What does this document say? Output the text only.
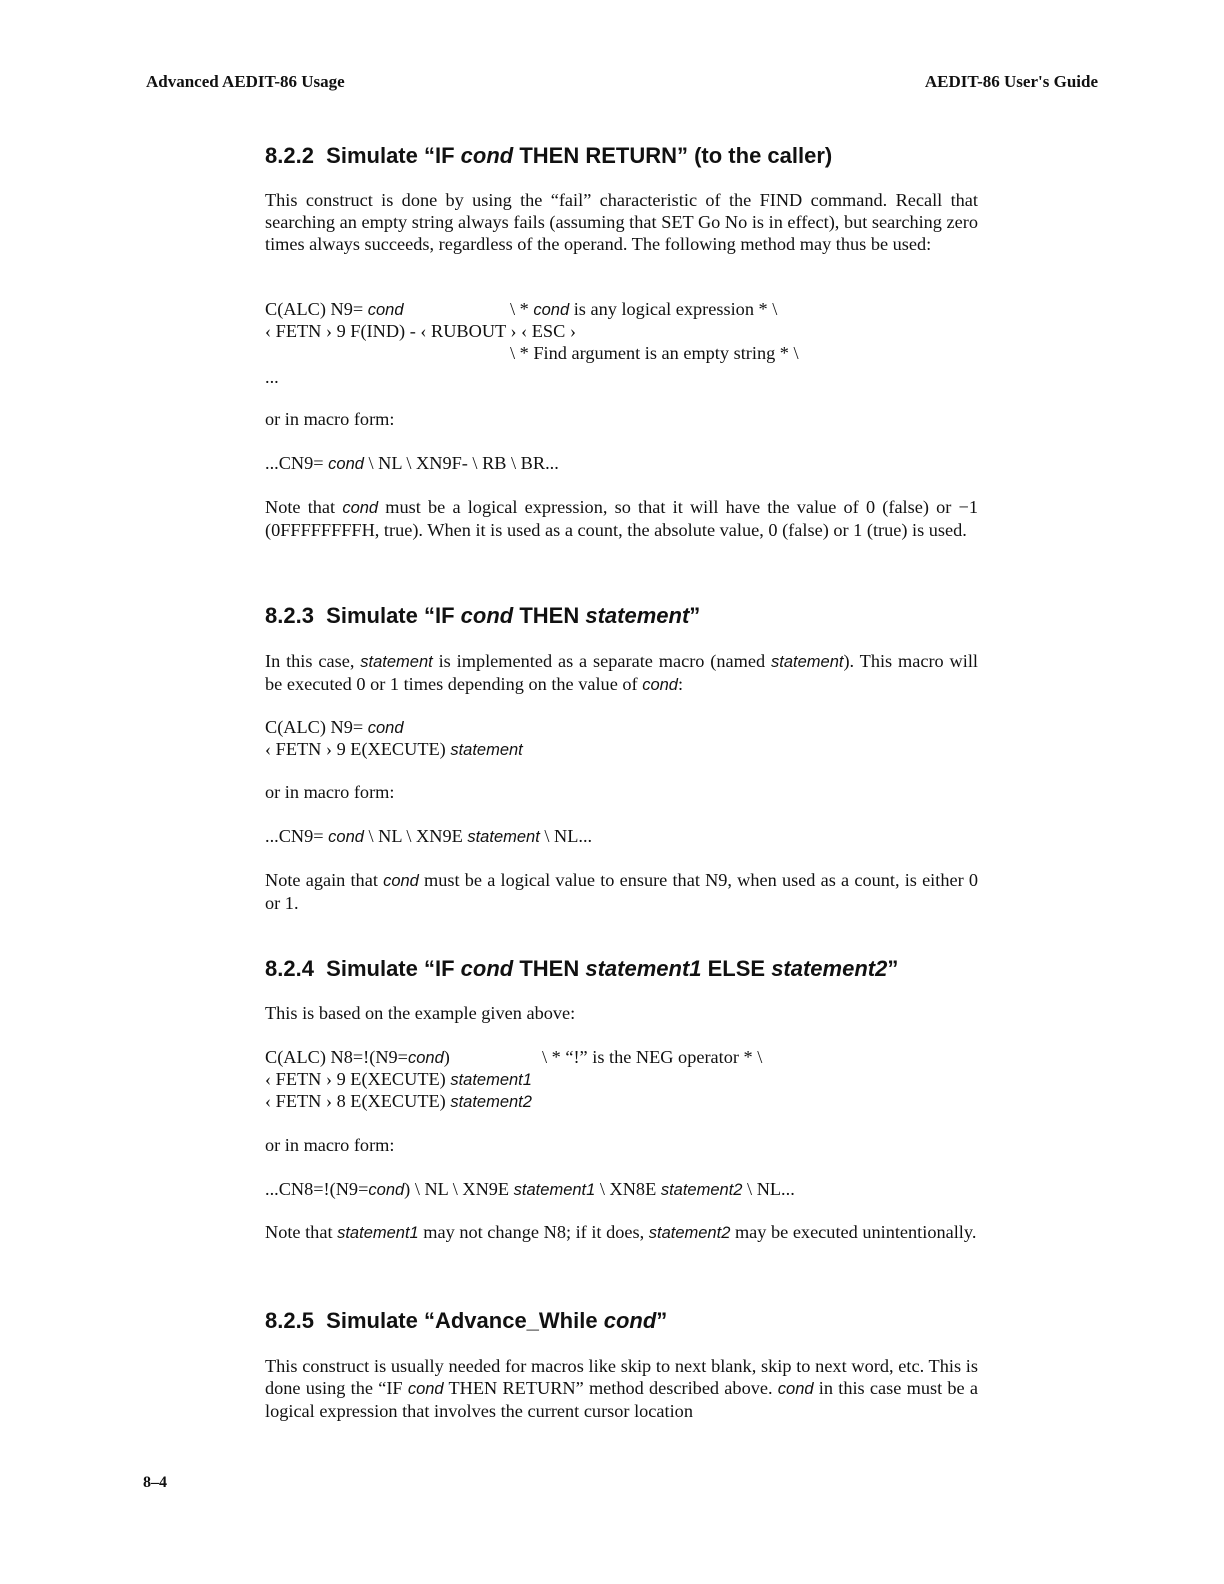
Advanced AEDIT-86 Usage	AEDIT-86 User's Guide
8.2.2 Simulate “IF cond THEN RETURN” (to the caller)

This construct is done by using the “fail” characteristic of the FIND command. Recall that searching an empty string always fails (assuming that SET Go No is in effect), but searching zero times always succeeds, regardless of the operand. The following method may thus be used:

C(ALC) N9= cond	\ * cond is any logical expression * \
‹ FETN › 9 F(IND) - ‹ RUBOUT › ‹ ESC ›
\ * Find argument is an empty string * \
...
or in macro form:
...CN9= cond \ NL \ XN9F- \ RB \ BR...

Note that cond must be a logical expression, so that it will have the value of 0 (false) or −1 (0FFFFFFFFH, true). When it is used as a count, the absolute value, 0 (false) or 1 (true) is used.

8.2.3 Simulate “IF cond THEN statement”

In this case, statement is implemented as a separate macro (named statement). This macro will be executed 0 or 1 times depending on the value of cond:

C(ALC) N9= cond
‹ FETN › 9 E(XECUTE) statement
or in macro form:
...CN9= cond \ NL \ XN9E statement \ NL...

Note again that cond must be a logical value to ensure that N9, when used as a count, is either 0 or 1.

8.2.4 Simulate “IF cond THEN statement1 ELSE statement2”
This is based on the example given above:
C(ALC) N8=!(N9=cond)	\ * “!” is the NEG operator * \
‹ FETN › 9 E(XECUTE) statement1
‹ FETN › 8 E(XECUTE) statement2
or in macro form:
...CN8=!(N9=cond) \ NL \ XN9E statement1 \ XN8E statement2 \ NL...

Note that statement1 may not change N8; if it does, statement2 may be executed unintentionally.

8.2.5 Simulate “Advance_While cond”

This construct is usually needed for macros like skip to next blank, skip to next word, etc. This is done using the “IF cond THEN RETURN” method described above. cond in this case must be a logical expression that involves the current cursor location

8–4
